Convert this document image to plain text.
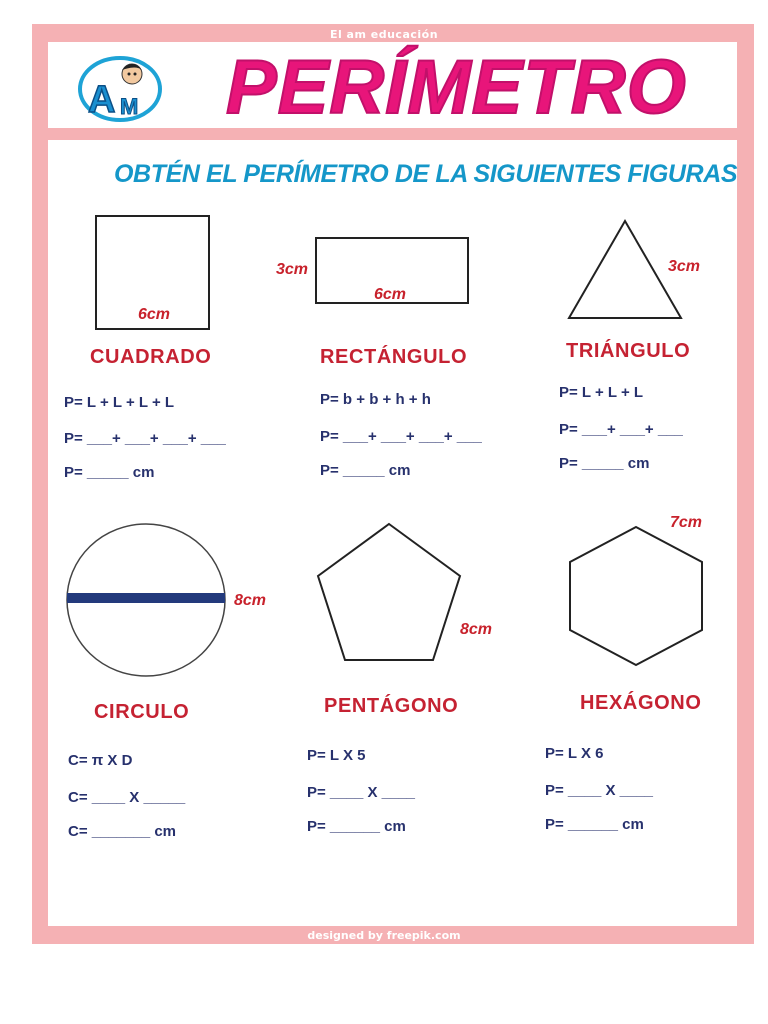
El am educación
A M PERÍMETRO
OBTÉN EL PERÍMETRO DE LA SIGUIENTES FIGURAS
6cm
CUADRADO
P= L + L + L + L
P= ___+ ___+ ___+ ___
P= _____ cm
3cm
6cm
RECTÁNGULO
P= b + b + h + h
P= ___+ ___+ ___+ ___
P= _____ cm
3cm
TRIÁNGULO
P= L + L + L
P= ___+ ___+ ___
P= _____ cm
8cm
CIRCULO
C= π X D
C= ____ X _____
C= _______ cm
8cm
PENTÁGONO
P= L X 5
P= ____ X ____
P= ______ cm
7cm
HEXÁGONO
P= L X 6
P= ____ X ____
P= ______ cm
designed by freepik.com
